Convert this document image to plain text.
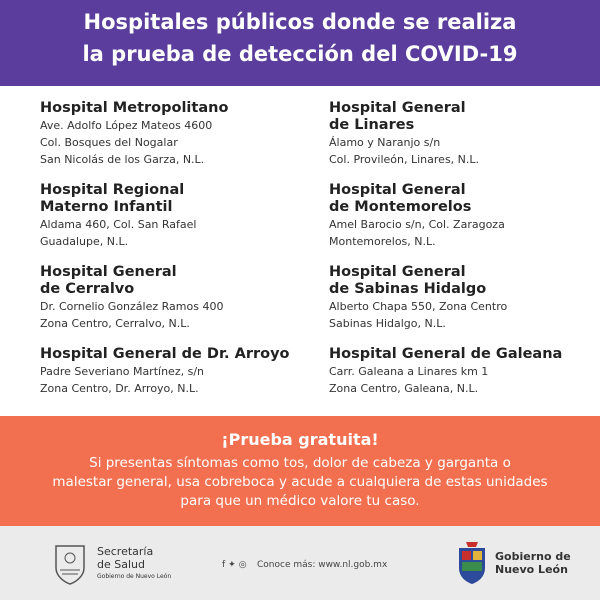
Hospitales públicos donde se realiza
la prueba de detección del COVID-19
Hospital Metropolitano
Ave. Adolfo López Mateos 4600
Col. Bosques del Nogalar
San Nicolás de los Garza, N.L.
Hospital Regional
Materno Infantil
Aldama 460, Col. San Rafael
Guadalupe, N.L.
Hospital General
de Cerralvo
Dr. Cornelio González Ramos 400
Zona Centro, Cerralvo, N.L.
Hospital General de Dr. Arroyo
Padre Severiano Martínez, s/n
Zona Centro, Dr. Arroyo, N.L.
Hospital General
de Linares
Álamo y Naranjo s/n
Col. Provileón, Linares, N.L.
Hospital General
de Montemorelos
Amel Barocio s/n, Col. Zaragoza
Montemorelos, N.L.
Hospital General
de Sabinas Hidalgo
Alberto Chapa 550, Zona Centro
Sabinas Hidalgo, N.L.
Hospital General de Galeana
Carr. Galeana a Linares km 1
Zona Centro, Galeana, N.L.
¡Prueba gratuita!
Si presentas síntomas como tos, dolor de cabeza y garganta o
malestar general, usa cobreboca y acude a cualquiera de estas unidades
para que un médico valore tu caso.
Secretaría
de Salud
Gobierno de Nuevo León
f ✦ ◎	Conoce más: www.nl.gob.mx
Gobierno de
Nuevo León
